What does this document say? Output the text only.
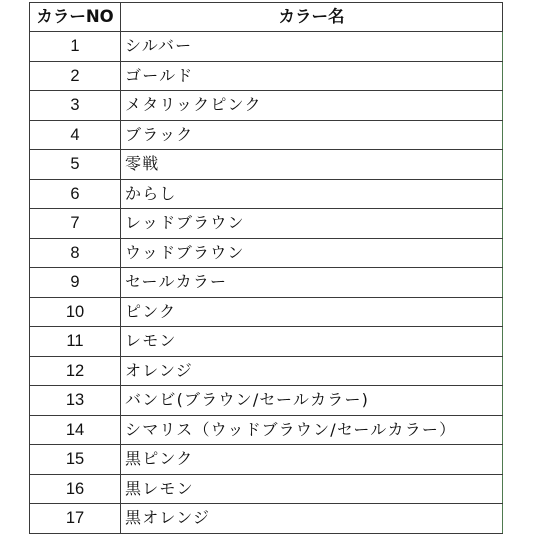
カラーNO	カラー名
1	シルバー
2	ゴールド
3	メタリックピンク
4	ブラック
5	零戦
6	からし
7	レッドブラウン
8	ウッドブラウン
9	セールカラー
10	ピンク
11	レモン
12	オレンジ
13	バンビ(ブラウン/セールカラー)
14	シマリス（ウッドブラウン/セールカラー）
15	黒ピンク
16	黒レモン
17	黒オレンジ
